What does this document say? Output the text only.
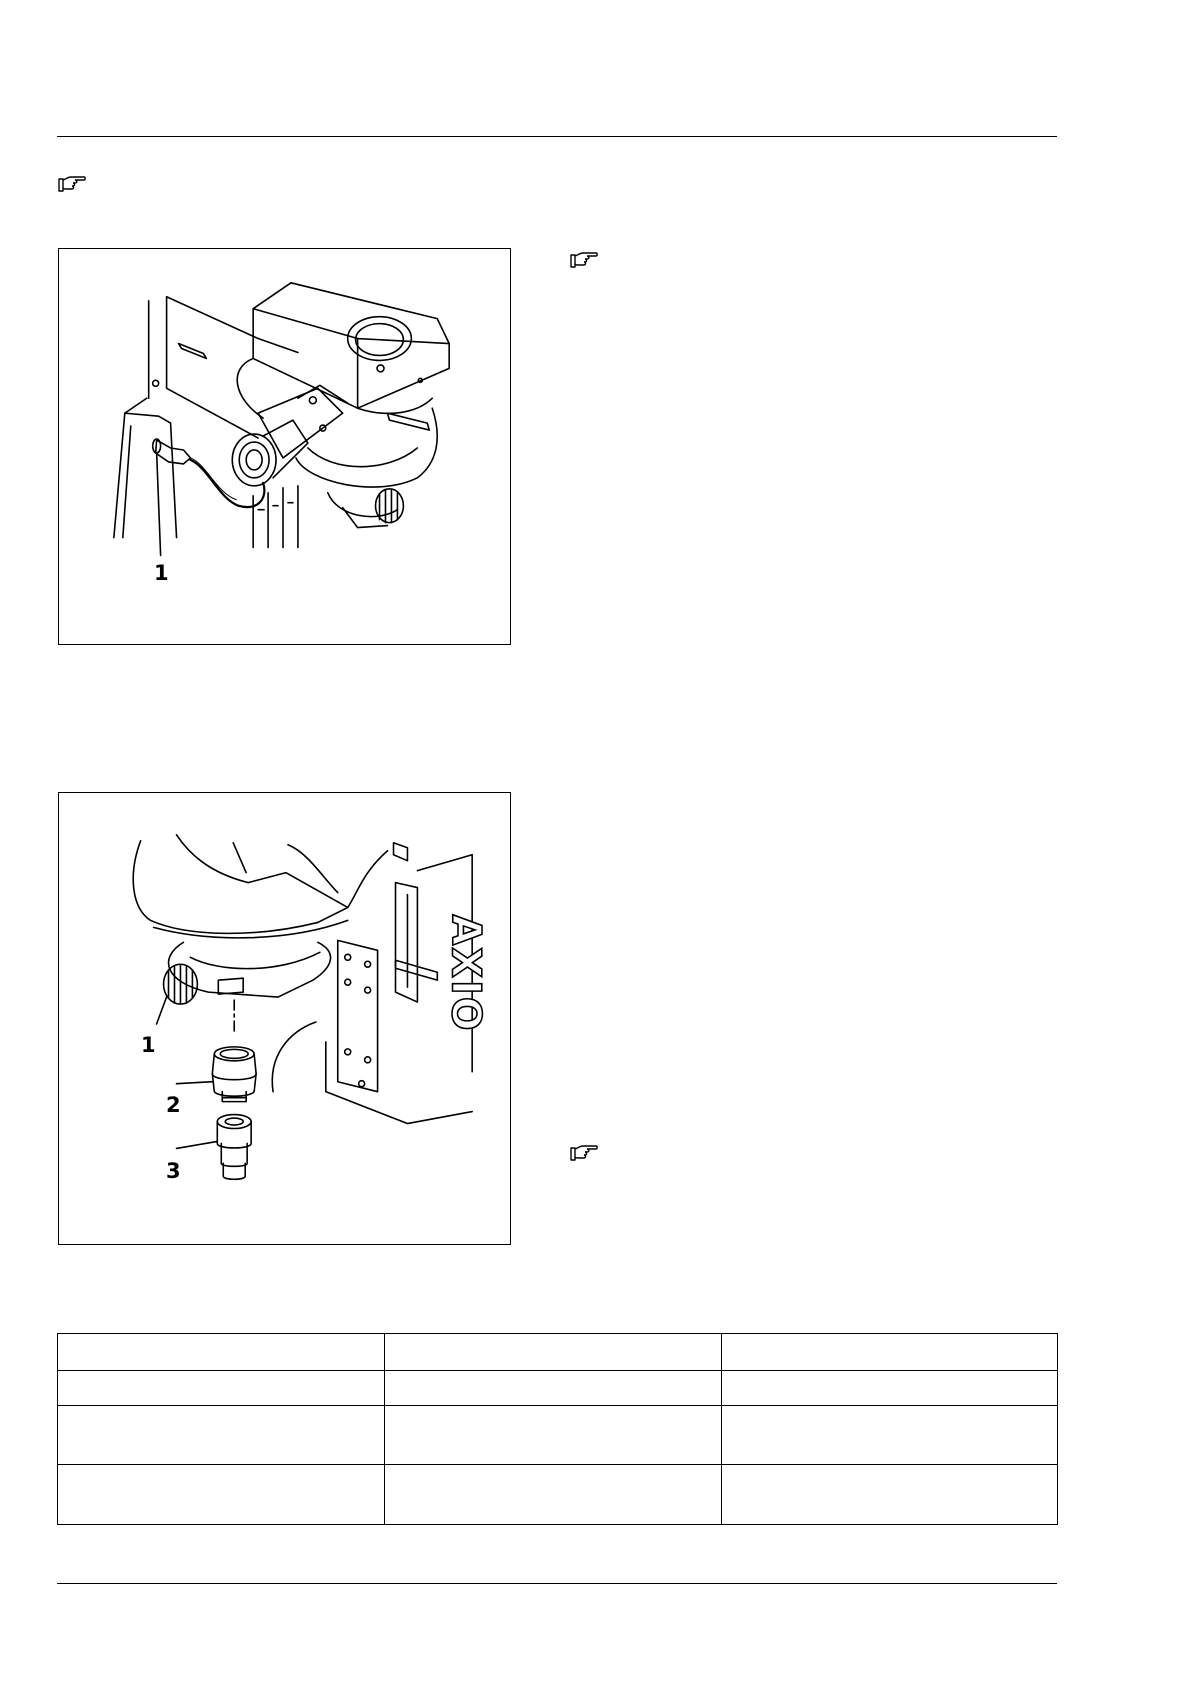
1
AXIO
1
2
3
